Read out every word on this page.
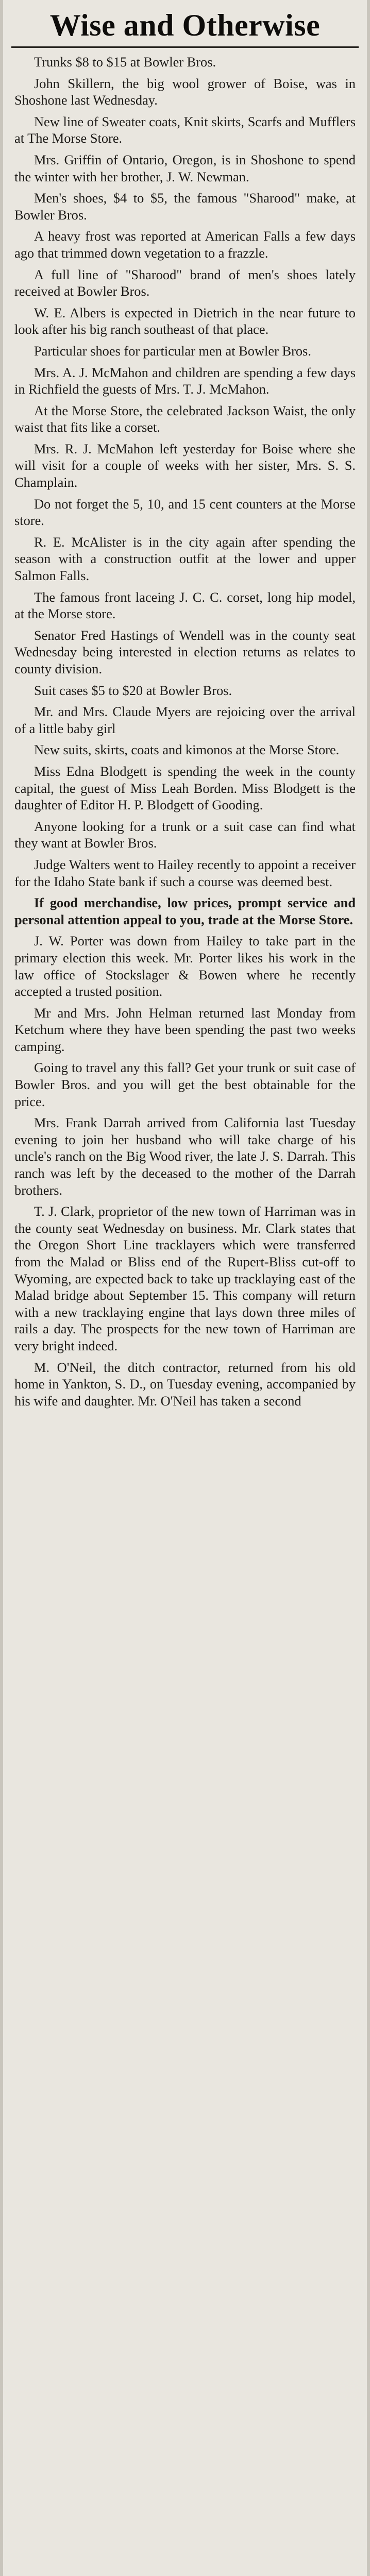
Wise and Otherwise

Trunks $8 to $15 at Bowler Bros.

John Skillern, the big wool grower of Boise, was in Shoshone last Wednesday.

New line of Sweater coats, Knit skirts, Scarfs and Mufflers at The Morse Store.

Mrs. Griffin of Ontario, Oregon, is in Shoshone to spend the winter with her brother, J. W. Newman.

Men's shoes, $4 to $5, the famous "Sharood" make, at Bowler Bros.

A heavy frost was reported at American Falls a few days ago that trimmed down vegetation to a frazzle.

A full line of "Sharood" brand of men's shoes lately received at Bowler Bros.

W. E. Albers is expected in Dietrich in the near future to look after his big ranch southeast of that place.

Particular shoes for particular men at Bowler Bros.

Mrs. A. J. McMahon and children are spending a few days in Richfield the guests of Mrs. T. J. McMahon.

At the Morse Store, the celebrated Jackson Waist, the only waist that fits like a corset.

Mrs. R. J. McMahon left yesterday for Boise where she will visit for a couple of weeks with her sister, Mrs. S. S. Champlain.

Do not forget the 5, 10, and 15 cent counters at the Morse store.

R. E. McAlister is in the city again after spending the season with a construction outfit at the lower and upper Salmon Falls.

The famous front laceing J. C. C. corset, long hip model, at the Morse store.

Senator Fred Hastings of Wendell was in the county seat Wednesday being interested in election returns as relates to county division.

Suit cases $5 to $20 at Bowler Bros.

Mr. and Mrs. Claude Myers are rejoicing over the arrival of a little baby girl

New suits, skirts, coats and kimonos at the Morse Store.

Miss Edna Blodgett is spending the week in the county capital, the guest of Miss Leah Borden. Miss Blodgett is the daughter of Editor H. P. Blodgett of Gooding.

Anyone looking for a trunk or a suit case can find what they want at Bowler Bros.

Judge Walters went to Hailey recently to appoint a receiver for the Idaho State bank if such a course was deemed best.

If good merchandise, low prices, prompt service and personal attention appeal to you, trade at the Morse Store.

J. W. Porter was down from Hailey to take part in the primary election this week. Mr. Porter likes his work in the law office of Stockslager & Bowen where he recently accepted a trusted position.

Mr and Mrs. John Helman returned last Monday from Ketchum where they have been spending the past two weeks camping.

Going to travel any this fall? Get your trunk or suit case of Bowler Bros. and you will get the best obtainable for the price.

Mrs. Frank Darrah arrived from California last Tuesday evening to join her husband who will take charge of his uncle's ranch on the Big Wood river, the late J. S. Darrah. This ranch was left by the deceased to the mother of the Darrah brothers.

T. J. Clark, proprietor of the new town of Harriman was in the county seat Wednesday on business. Mr. Clark states that the Oregon Short Line tracklayers which were transferred from the Malad or Bliss end of the Rupert-Bliss cut-off to Wyoming, are expected back to take up tracklaying east of the Malad bridge about September 15. This company will return with a new tracklaying engine that lays down three miles of rails a day. The prospects for the new town of Harriman are very bright indeed.

M. O'Neil, the ditch contractor, returned from his old home in Yankton, S. D., on Tuesday evening, accompanied by his wife and daughter. Mr. O'Neil has taken a second
